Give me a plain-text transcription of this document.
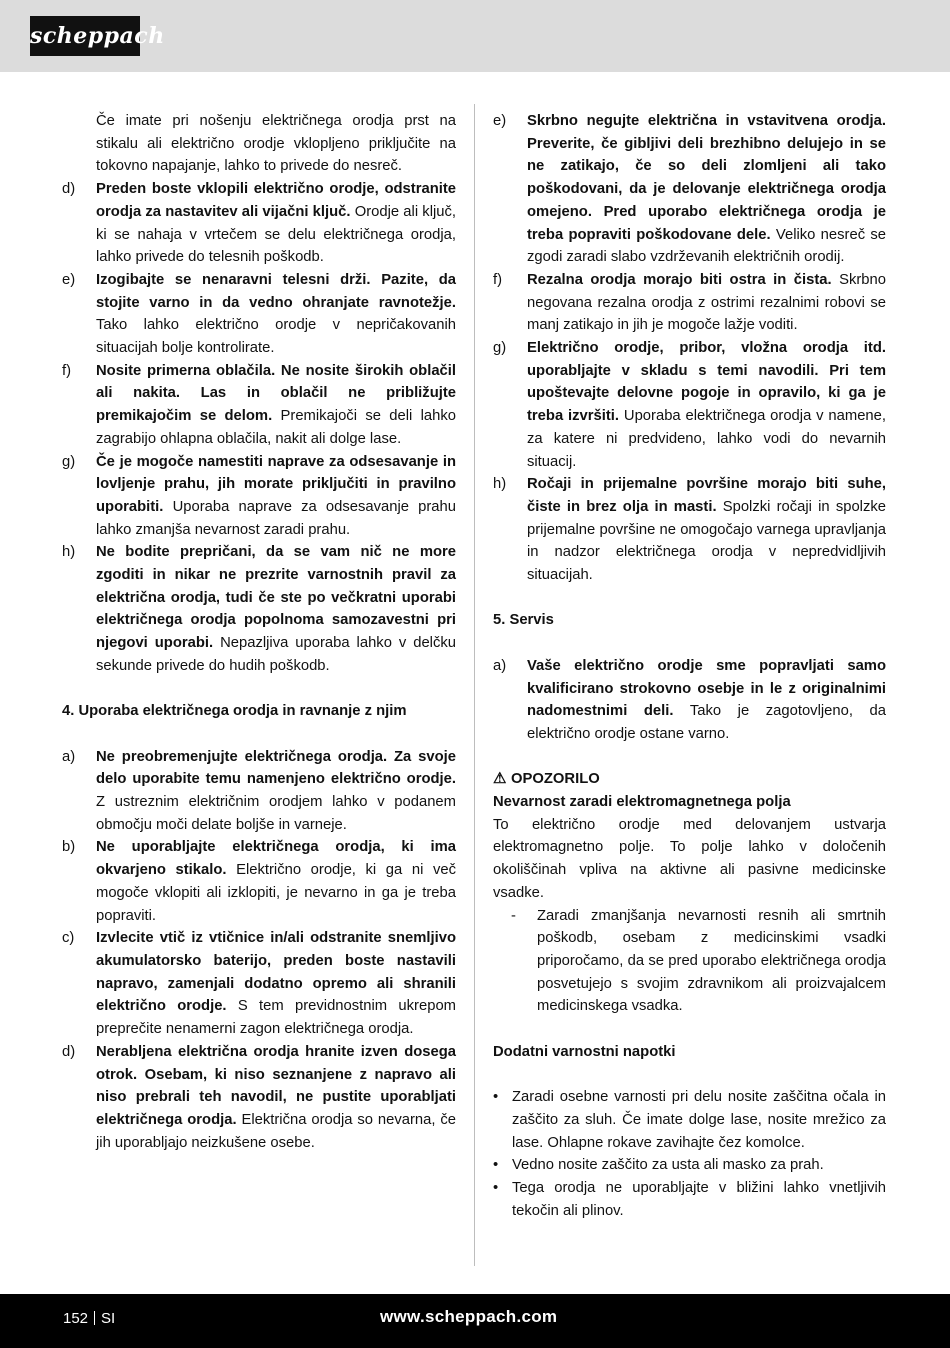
scheppach
Če imate pri nošenju električnega orodja prst na stikalu ali električno orodje vklopljeno priključite na tokovno napajanje, lahko to privede do nesreč.
d) Preden boste vklopili električno orodje, odstranite orodja za nastavitev ali vijačni ključ. Orodje ali ključ, ki se nahaja v vrtečem se delu električnega orodja, lahko privede do telesnih poškodb.
e) Izogibajte se nenaravni telesni drži. Pazite, da stojite varno in da vedno ohranjate ravnotežje. Tako lahko električno orodje v nepričakovanih situacijah bolje kontrolirate.
f) Nosite primerna oblačila. Ne nosite širokih oblačil ali nakita. Las in oblačil ne približujte premikajočim se delom. Premikajoči se deli lahko zagrabijo ohlapna oblačila, nakit ali dolge lase.
g) Če je mogoče namestiti naprave za odsesavanje in lovljenje prahu, jih morate priključiti in pravilno uporabiti. Uporaba naprave za odsesavanje prahu lahko zmanjša nevarnost zaradi prahu.
h) Ne bodite prepričani, da se vam nič ne more zgoditi in nikar ne prezrite varnostnih pravil za električna orodja, tudi če ste po večkratni uporabi električnega orodja popolnoma samozavestni pri njegovi uporabi. Nepazljiva uporaba lahko v delčku sekunde privede do hudih poškodb.
4. Uporaba električnega orodja in ravnanje z njim
a) Ne preobremenjujte električnega orodja. Za svoje delo uporabite temu namenjeno električno orodje. Z ustreznim električnim orodjem lahko v podanem območju moči delate boljše in varneje.
b) Ne uporabljajte električnega orodja, ki ima okvarjeno stikalo. Električno orodje, ki ga ni več mogoče vklopiti ali izklopiti, je nevarno in ga je treba popraviti.
c) Izvlecite vtič iz vtičnice in/ali odstranite snemljivo akumulatorsko baterijo, preden boste nastavili napravo, zamenjali dodatno opremo ali shranili električno orodje. S tem previdnostnim ukrepom preprečite nenamerni zagon električnega orodja.
d) Nerabljena električna orodja hranite izven dosega otrok. Osebam, ki niso seznanjene z napravo ali niso prebrali teh navodil, ne pustite uporabljati električnega orodja. Električna orodja so nevarna, če jih uporabljajo neizkušene osebe.
e) Skrbno negujte električna in vstavitvena orodja. Preverite, če gibljivi deli brezhibno delujejo in se ne zatikajo, če so deli zlomljeni ali tako poškodovani, da je delovanje električnega orodja omejeno. Pred uporabo električnega orodja je treba popraviti poškodovane dele. Veliko nesreč se zgodi zaradi slabo vzdrževanih električnih orodij.
f) Rezalna orodja morajo biti ostra in čista. Skrbno negovana rezalna orodja z ostrimi rezalnimi robovi se manj zatikajo in jih je mogoče lažje voditi.
g) Električno orodje, pribor, vložna orodja itd. uporabljajte v skladu s temi navodili. Pri tem upoštevajte delovne pogoje in opravilo, ki ga je treba izvršiti. Uporaba električnega orodja v namene, za katere ni predvideno, lahko vodi do nevarnih situacij.
h) Ročaji in prijemalne površine morajo biti suhe, čiste in brez olja in masti. Spolzki ročaji in spolzke prijemalne površine ne omogočajo varnega upravljanja in nadzor električnega orodja v nepredvidljivih situacijah.
5. Servis
a) Vaše električno orodje sme popravljati samo kvalificirano strokovno osebje in le z originalnimi nadomestnimi deli. Tako je zagotovljeno, da električno orodje ostane varno.
⚠ OPOZORILO
Nevarnost zaradi elektromagnetnega polja
To električno orodje med delovanjem ustvarja elektromagnetno polje. To polje lahko v določenih okoliščinah vpliva na aktivne ali pasivne medicinske vsadke.
- Zaradi zmanjšanja nevarnosti resnih ali smrtnih poškodb, osebam z medicinskimi vsadki priporočamo, da se pred uporabo električnega orodja posvetujejo s svojim zdravnikom ali proizvajalcem medicinskega vsadka.
Dodatni varnostni napotki
• Zaradi osebne varnosti pri delu nosite zaščitna očala in zaščito za sluh. Če imate dolge lase, nosite mrežico za lase. Ohlapne rokave zavihajte čez komolce.
• Vedno nosite zaščito za usta ali masko za prah.
• Tega orodja ne uporabljajte v bližini lahko vnetljivih tekočin ali plinov.
152 SI	www.scheppach.com
